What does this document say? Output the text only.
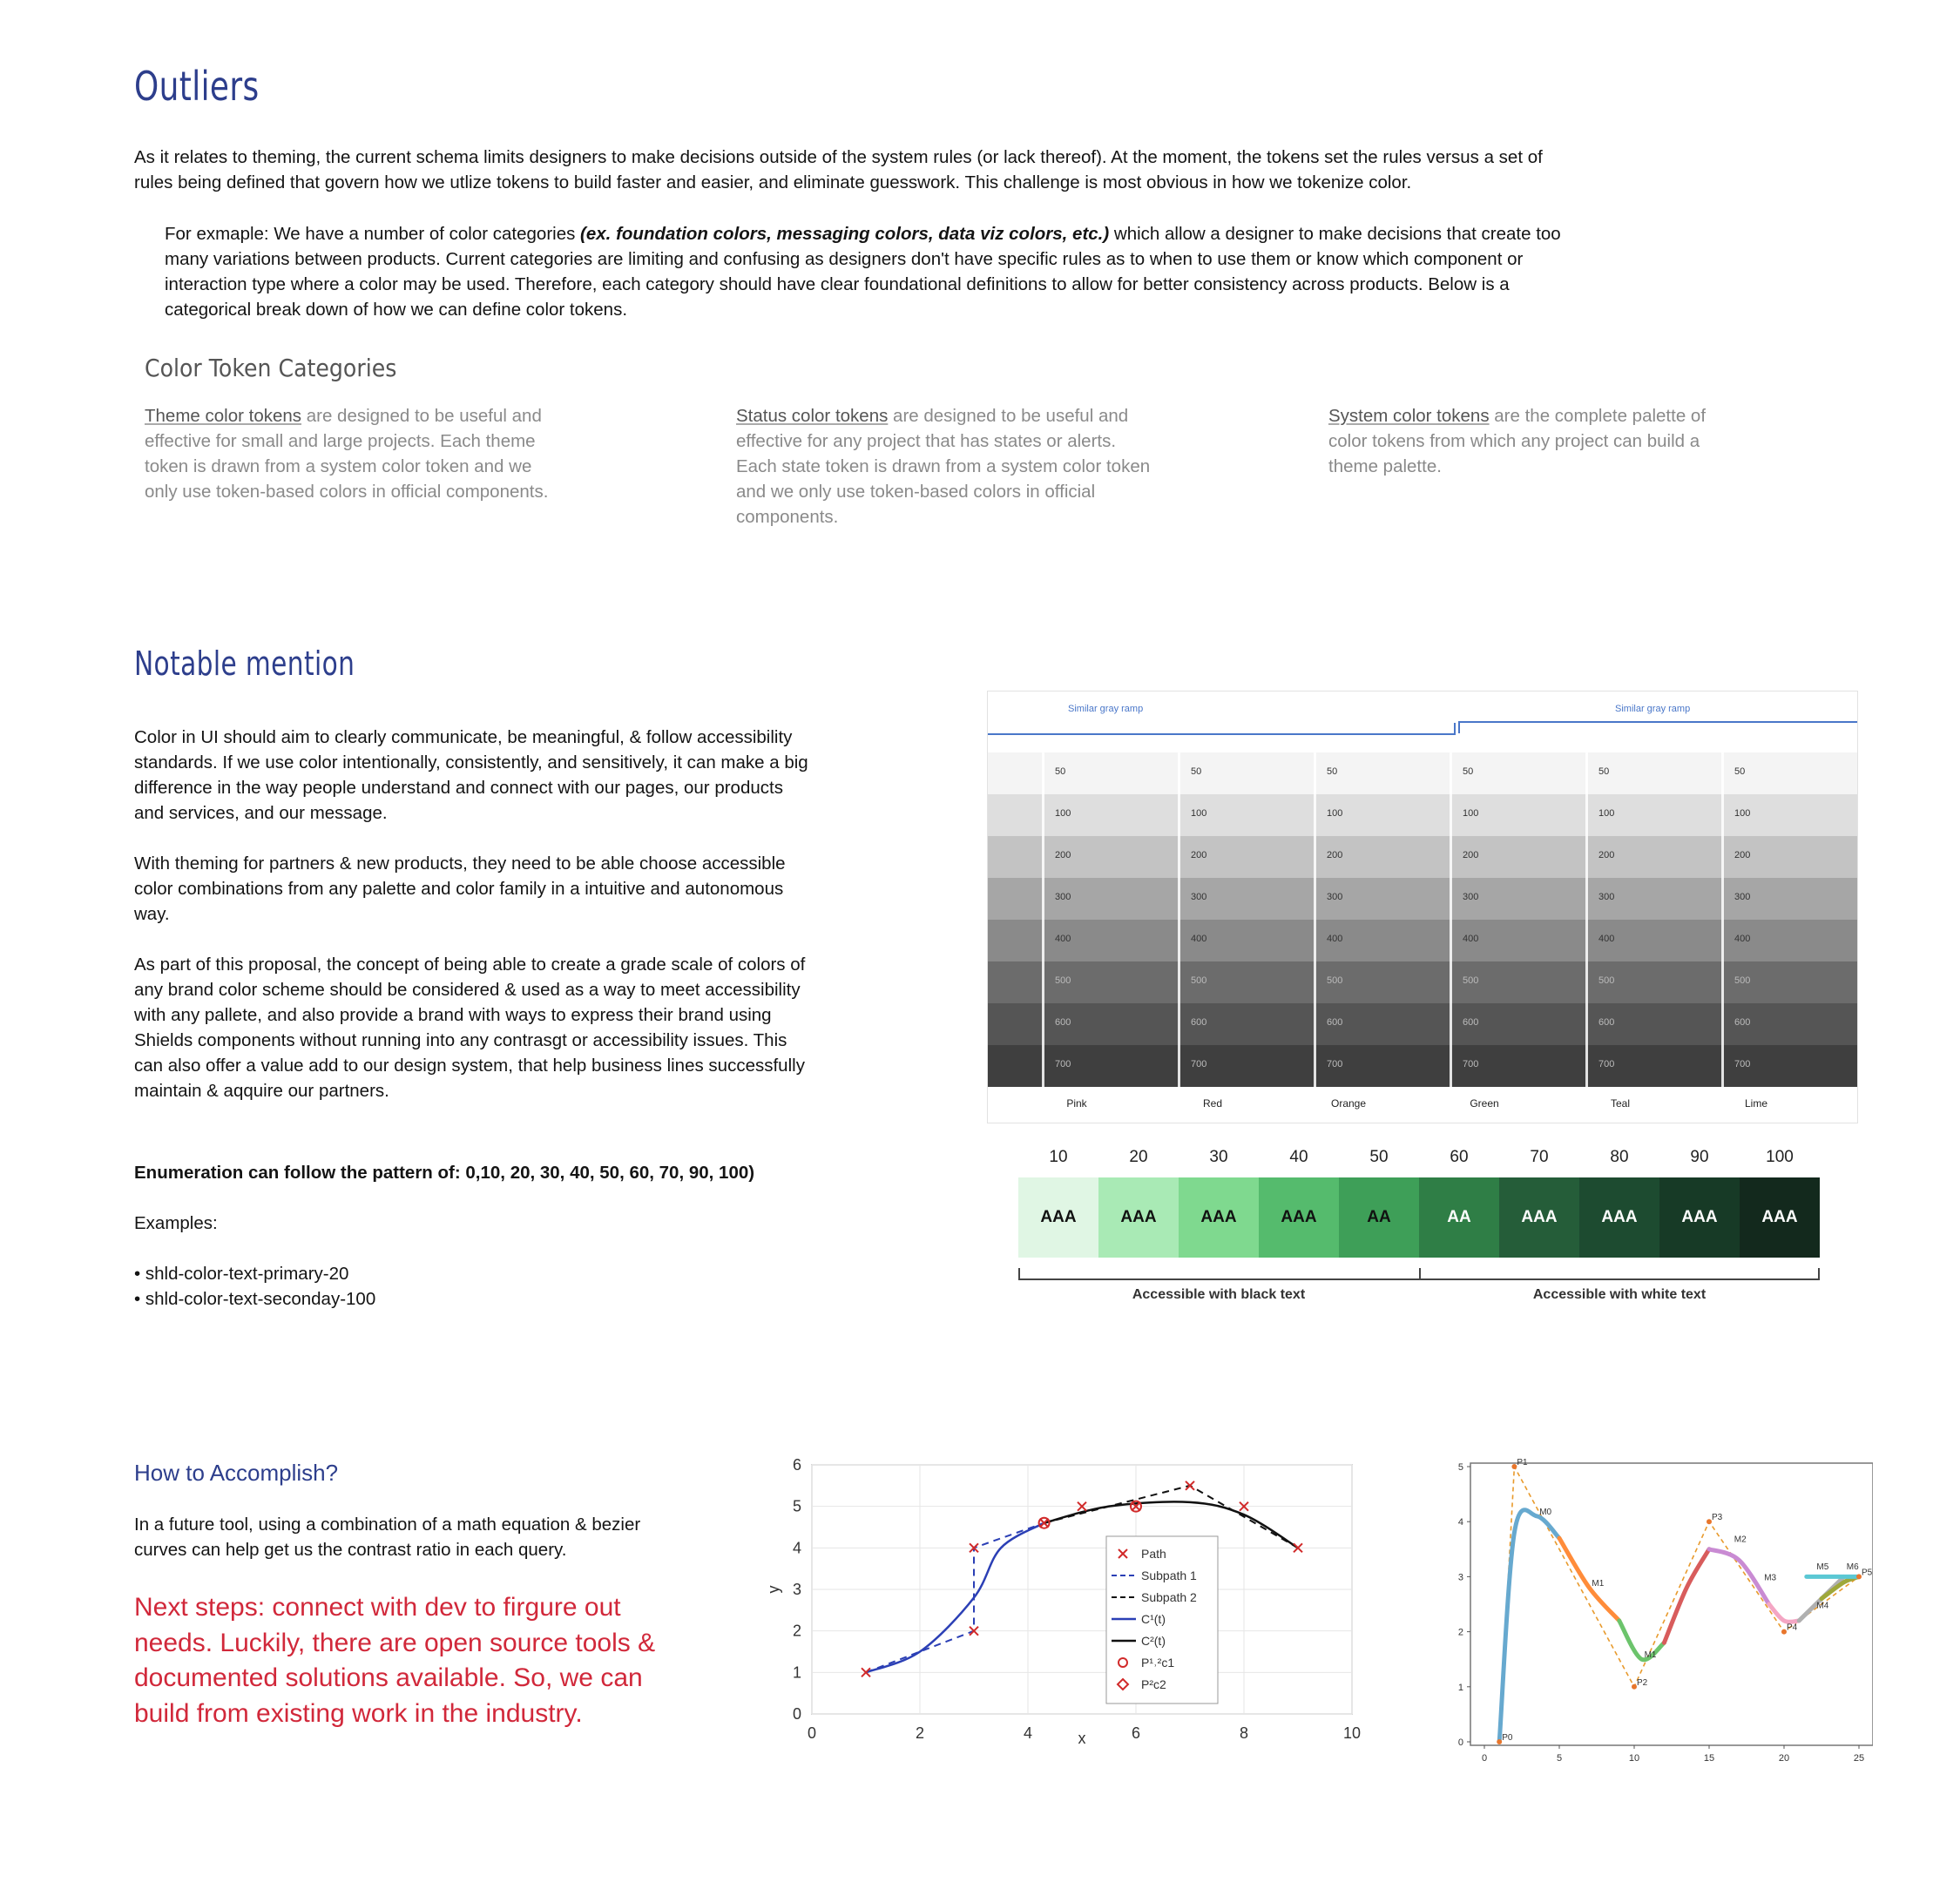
Outliers
As it relates to theming, the current schema limits designers to make decisions outside of the system rules (or lack thereof). At the moment, the tokens set the rules versus a set of
rules being defined that govern how we utlize tokens to build faster and easier, and eliminate guesswork. This challenge is most obvious in how we tokenize color.
For exmaple: We have a number of color categories (ex. foundation colors, messaging colors, data viz colors, etc.) which allow a designer to make decisions that create too
many variations between products. Current categories are limiting and confusing as designers don't have specific rules as to when to use them or know which component or
interaction type where a color may be used. Therefore, each category should have clear foundational definitions to allow for better consistency across products. Below is a
categorical break down of how we can define color tokens.
Color Token Categories
Theme color tokens are designed to be useful and
effective for small and large projects. Each theme
token is drawn from a system color token and we
only use token-based colors in official components.
Status color tokens are designed to be useful and
effective for any project that has states or alerts.
Each state token is drawn from a system color token
and we only use token-based colors in official
components.
System color tokens are the complete palette of
color tokens from which any project can build a
theme palette.
Notable mention
Color in UI should aim to clearly communicate, be meaningful, & follow accessibility
standards. If we use color intentionally, consistently, and sensitively, it can make a big
difference in the way people understand and connect with our pages, our products
and services, and our message.
With theming for partners & new products, they need to be able choose accessible
color combinations from any palette and color family in a intuitive and autonomous
way.
As part of this proposal, the concept of being able to create a grade scale of colors of
any brand color scheme should be considered & used as a way to meet accessibility
with any pallete, and also provide a brand with ways to express their brand using
Shields components without running into any contrasgt or accessibility issues. This
can also offer a value add to our design system, that help business lines successfully
maintain & aqquire our partners.
Enumeration can follow the pattern of: 0,10, 20, 30, 40, 50, 60, 70, 90, 100)
Examples:
• shld-color-text-primary-20
• shld-color-text-seconday-100
Similar gray ramp	Similar gray ramp
50	50	50	50	50	50
100	100	100	100	100	100
200	200	200	200	200	200
300	300	300	300	300	300
400	400	400	400	400	400
500	500	500	500	500	500
600	600	600	600	600	600
700	700	700	700	700	700
Pink	Red	Orange	Green	Teal	Lime
10	20	30	40	50	60	70	80	90	100
AAA	AAA	AAA	AAA	AA	AA	AAA	AAA	AAA	AAA
Accessible with black text	Accessible with white text
How to Accomplish?
In a future tool, using a combination of a math equation & bezier
curves can help get us the contrast ratio in each query.
Next steps: connect with dev to firgure out
needs. Luckily, there are open source tools &
documented solutions available. So, we can
build from existing work in the industry.
0	2	4	6	8	10
0
1
2
3
4
5
6
x
y
Path
Subpath 1
Subpath 2
C¹(t)
C²(t)
P¹˒²c1
P²c2
0	5	10	15	20	25
0
1
2
3
4
5
P0
P1
M0
M1
P2
M1
P3
M2
M3
P4
M4
M5 M6
P5
